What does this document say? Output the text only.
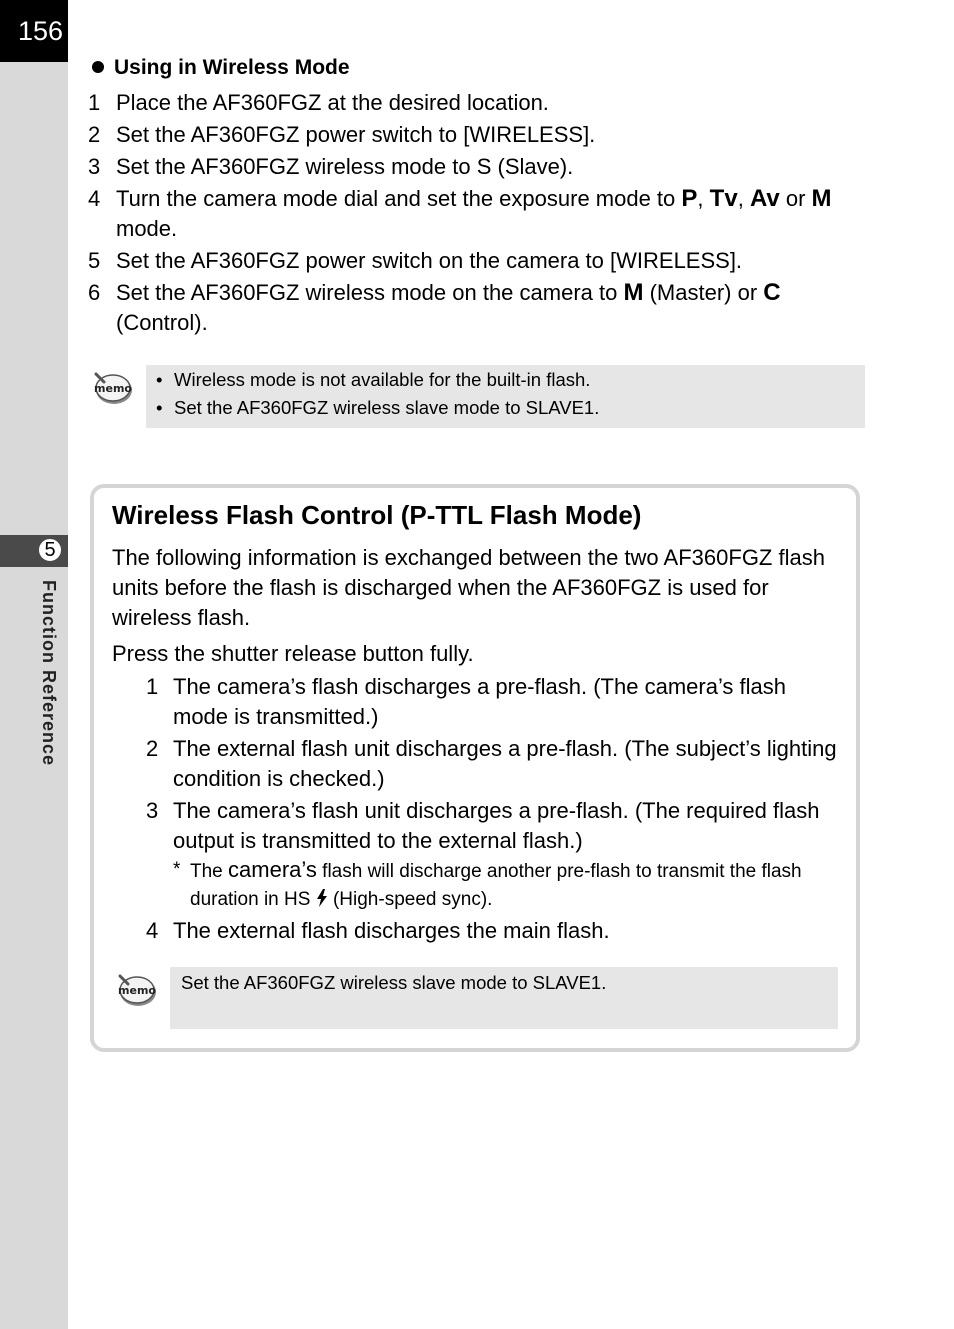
156
5
Function Reference
Using in Wireless Mode
1 Place the AF360FGZ at the desired location.
2 Set the AF360FGZ power switch to [WIRELESS].
3 Set the AF360FGZ wireless mode to S (Slave).
4 Turn the camera mode dial and set the exposure mode to P, Tv, Av or M mode.
5 Set the AF360FGZ power switch on the camera to [WIRELESS].
6 Set the AF360FGZ wireless mode on the camera to M (Master) or C (Control).
memo • Wireless mode is not available for the built-in flash.
• Set the AF360FGZ wireless slave mode to SLAVE1.
Wireless Flash Control (P-TTL Flash Mode)
The following information is exchanged between the two AF360FGZ flash units before the flash is discharged when the AF360FGZ is used for wireless flash.
Press the shutter release button fully.
1 The camera’s flash discharges a pre-flash. (The camera’s flash mode is transmitted.)
2 The external flash unit discharges a pre-flash. (The subject’s lighting condition is checked.)
3 The camera’s flash unit discharges a pre-flash. (The required flash output is transmitted to the external flash.)
* The camera’s flash will discharge another pre-flash to transmit the flash duration in HS (High-speed sync).
4 The external flash discharges the main flash.
memo	Set the AF360FGZ wireless slave mode to SLAVE1.
